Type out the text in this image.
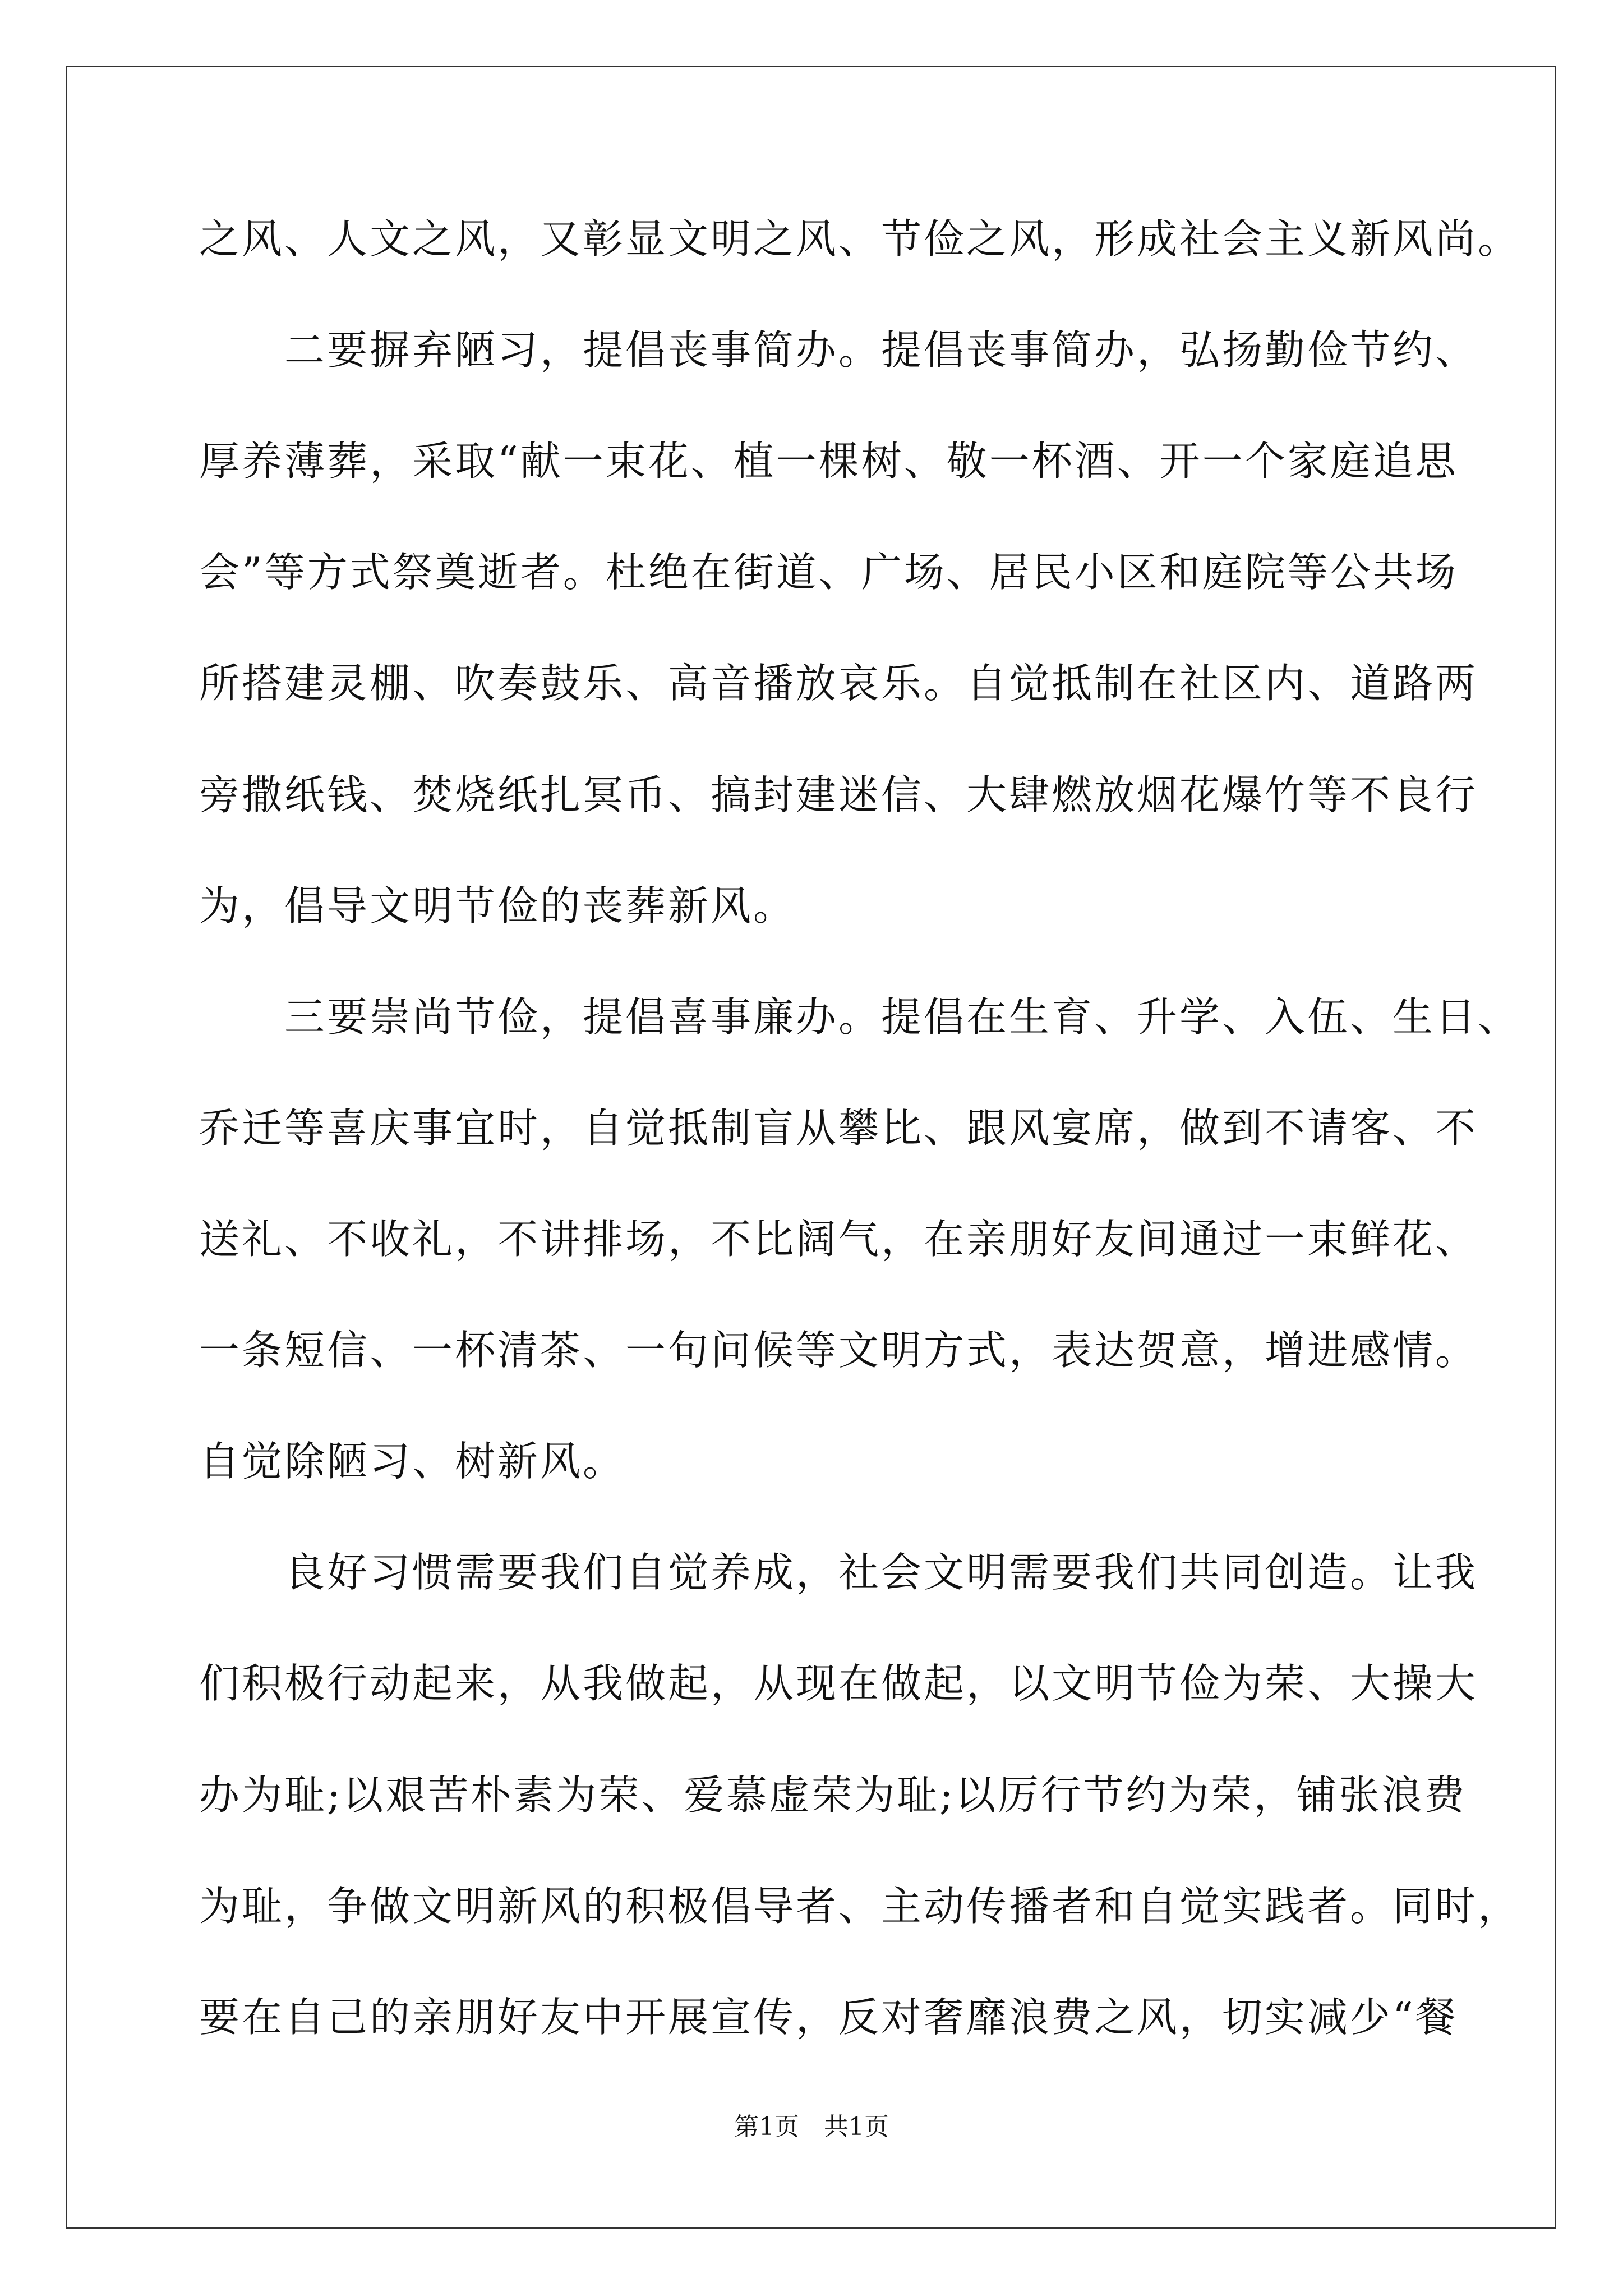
之风、人文之风，又彰显文明之风、节俭之风，形成社会主义新风尚。
　　二要摒弃陋习，提倡丧事简办。提倡丧事简办，弘扬勤俭节约、
厚养薄葬，采取“献一束花、植一棵树、敬一杯酒、开一个家庭追思
会”等方式祭奠逝者。杜绝在街道、广场、居民小区和庭院等公共场
所搭建灵棚、吹奏鼓乐、高音播放哀乐。自觉抵制在社区内、道路两
旁撒纸钱、焚烧纸扎冥币、搞封建迷信、大肆燃放烟花爆竹等不良行
为，倡导文明节俭的丧葬新风。
　　三要崇尚节俭，提倡喜事廉办。提倡在生育、升学、入伍、生日、
乔迁等喜庆事宜时，自觉抵制盲从攀比、跟风宴席，做到不请客、不
送礼、不收礼，不讲排场，不比阔气，在亲朋好友间通过一束鲜花、
一条短信、一杯清茶、一句问候等文明方式，表达贺意，增进感情。
自觉除陋习、树新风。
　　良好习惯需要我们自觉养成，社会文明需要我们共同创造。让我
们积极行动起来，从我做起，从现在做起，以文明节俭为荣、大操大
办为耻;以艰苦朴素为荣、爱慕虚荣为耻;以厉行节约为荣，铺张浪费
为耻，争做文明新风的积极倡导者、主动传播者和自觉实践者。同时，
要在自己的亲朋好友中开展宣传，反对奢靡浪费之风，切实减少“餐
第1页　共1页
